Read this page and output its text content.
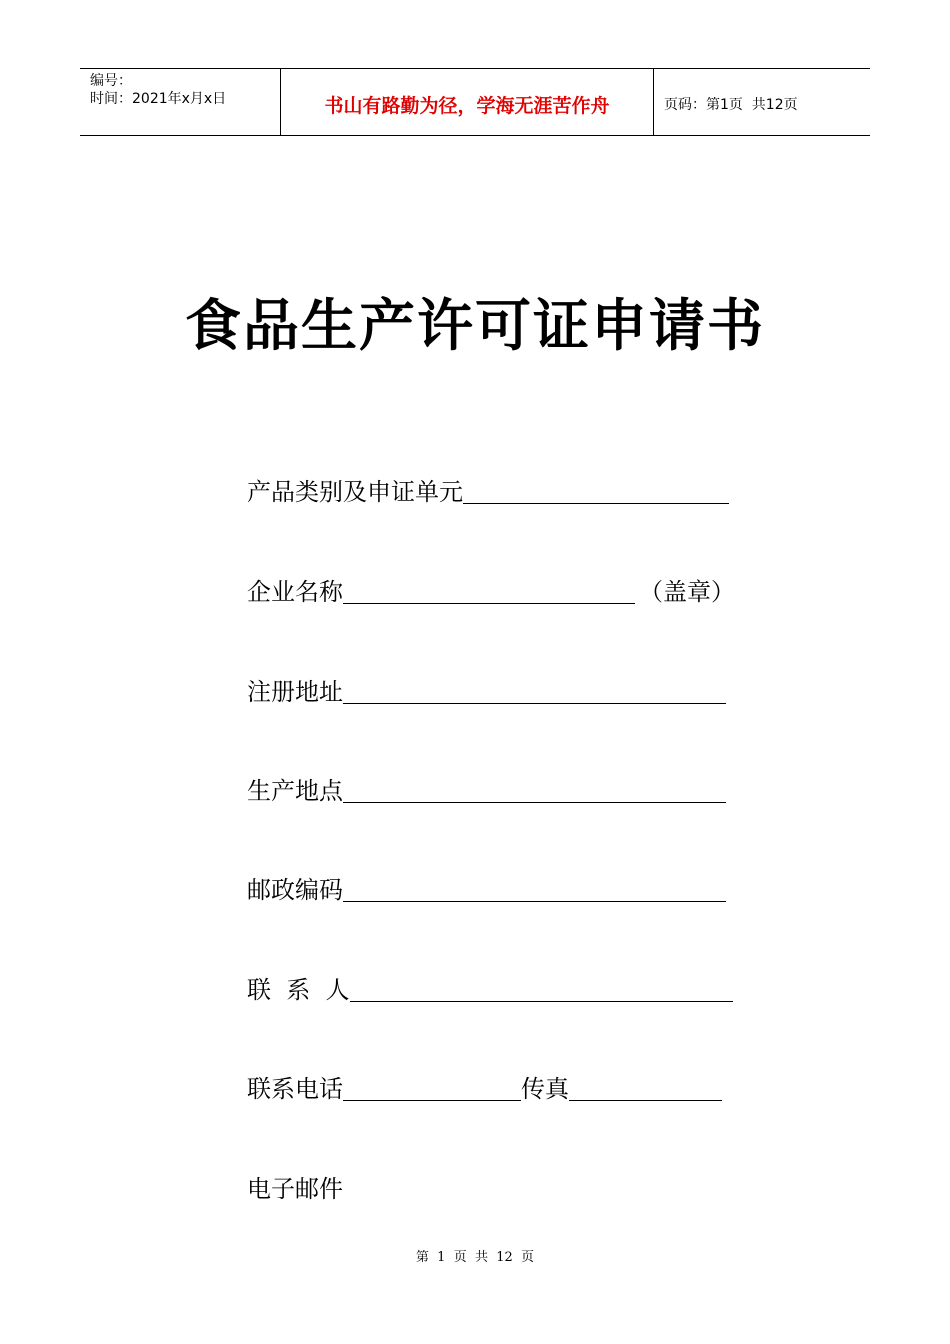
编号：
时间：2021年x月x日	书山有路勤为径，学海无涯苦作舟	页码：第1页  共12页
食品生产许可证申请书
产品类别及申证单元
企业名称	（盖章）
注册地址
生产地点
邮政编码
联  系  人
联系电话	传真
电子邮件
第  1  页  共  12  页
